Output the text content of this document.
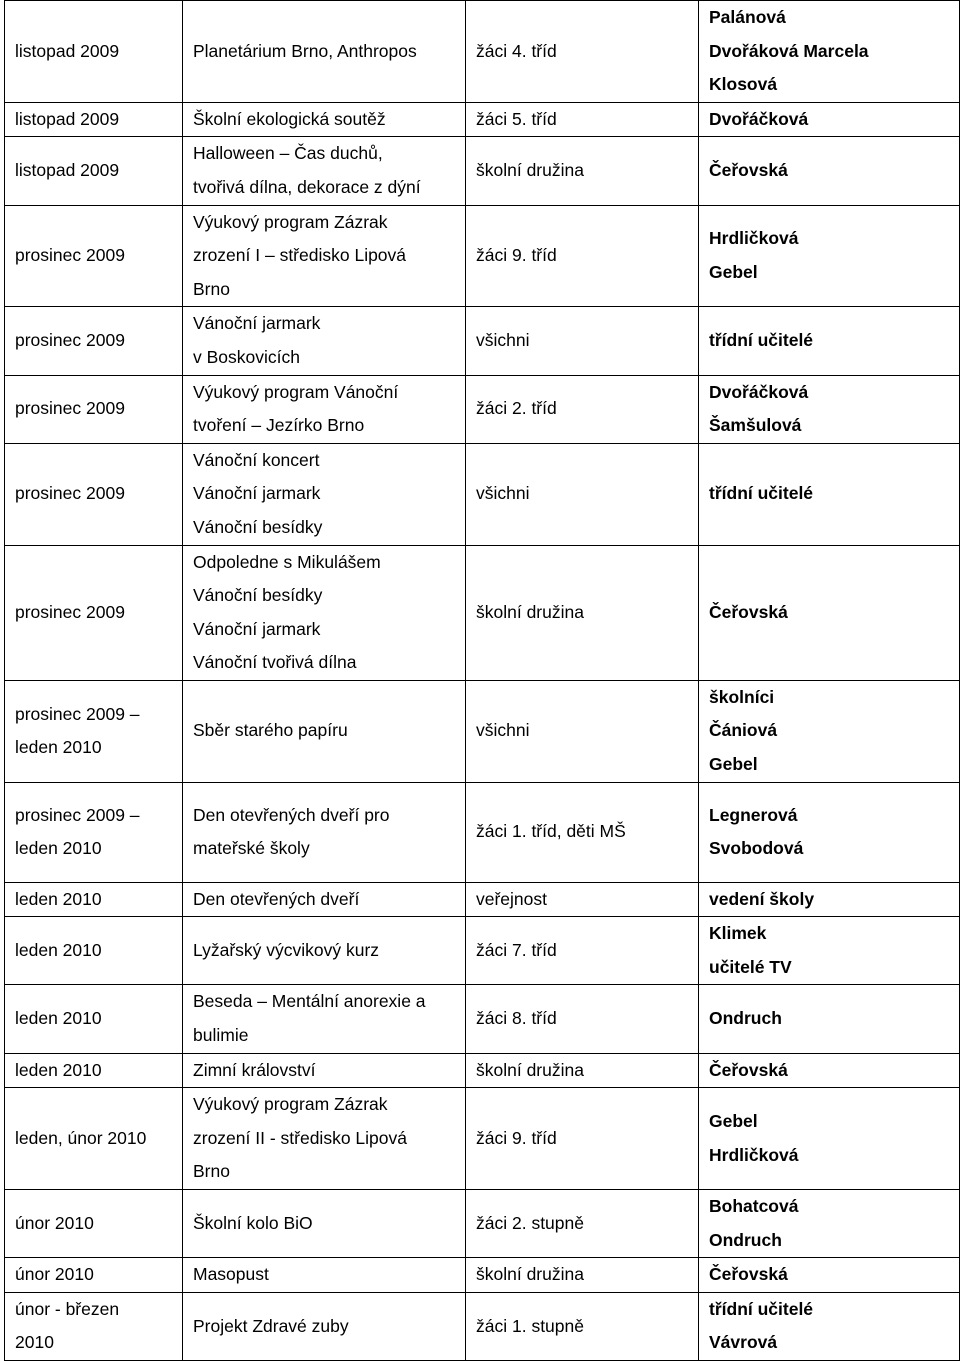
listopad 2009	Planetárium Brno, Anthropos	žáci 4. tříd	Palánová
Dvořáková Marcela
Klosová

listopad 2009	Školní ekologická soutěž	žáci 5. tříd	Dvořáčková

listopad 2009	Halloween – Čas duchů,
tvořivá dílna, dekorace z dýní	školní družina	Čeřovská

prosinec 2009	Výukový program Zázrak
zrození I – středisko Lipová
Brno	žáci 9. tříd	Hrdličková
Gebel

prosinec 2009	Vánoční jarmark
v Boskovicích	všichni	třídní učitelé

prosinec 2009	Výukový program Vánoční
tvoření – Jezírko Brno	žáci 2. tříd	Dvořáčková
Šamšulová

prosinec 2009	Vánoční koncert
Vánoční jarmark
Vánoční besídky	všichni	třídní učitelé

prosinec 2009	Odpoledne s Mikulášem
Vánoční besídky
Vánoční jarmark
Vánoční tvořivá dílna	školní družina	Čeřovská

prosinec 2009 –
leden 2010	Sběr starého papíru	všichni	školníci
Čániová
Gebel

prosinec 2009 –
leden 2010	Den otevřených dveří pro
mateřské školy	žáci 1. tříd, děti MŠ	Legnerová
Svobodová

leden 2010	Den otevřených dveří	veřejnost	vedení školy

leden 2010	Lyžařský výcvikový kurz	žáci 7. tříd	Klimek
učitelé TV

leden 2010	Beseda – Mentální anorexie a
bulimie	žáci 8. tříd	Ondruch

leden 2010	Zimní království	školní družina	Čeřovská

leden, únor 2010	Výukový program Zázrak
zrození II - středisko Lipová
Brno	žáci 9. tříd	Gebel
Hrdličková

únor 2010	Školní kolo BiO	žáci 2. stupně	Bohatcová
Ondruch

únor 2010	Masopust	školní družina	Čeřovská

únor - březen
2010	Projekt Zdravé zuby	žáci 1. stupně	třídní učitelé
Vávrová
